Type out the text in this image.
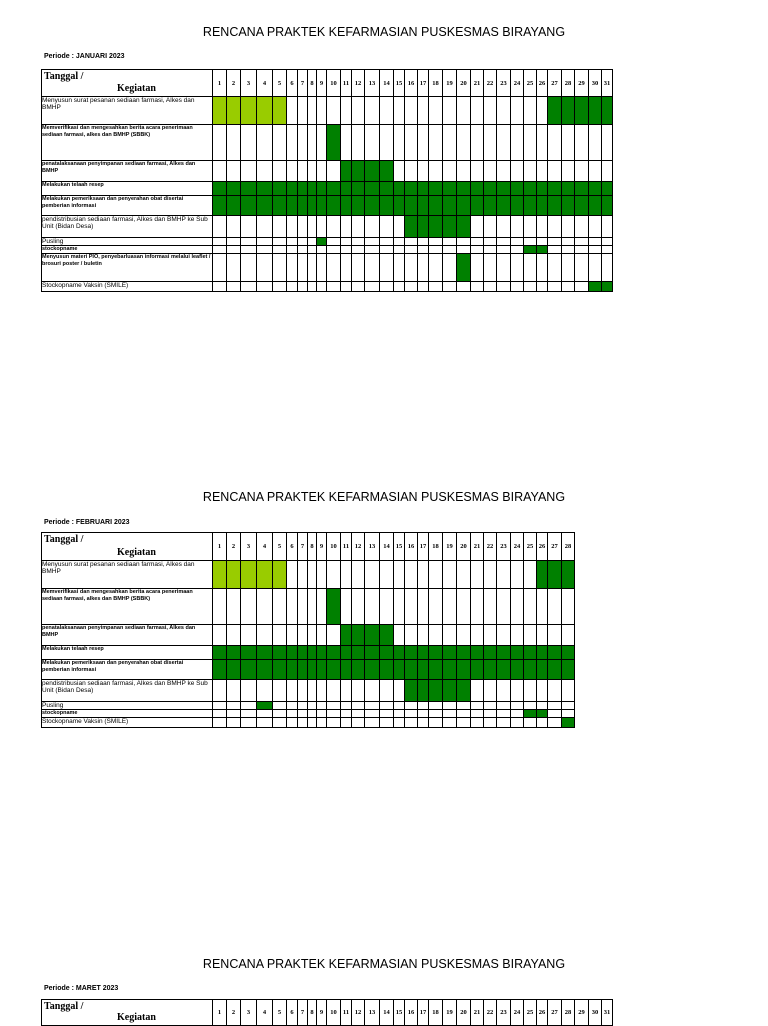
RENCANA PRAKTEK KEFARMASIAN PUSKESMAS BIRAYANG
Periode : JANUARI 2023
Tanggal /
Kegiatan	1	2	3	4	5	6	7	8	9	10	11	12	13	14	15	16	17	18	19	20	21	22	23	24	25	26	27	28	29	30	31
Menyusun surat pesanan sediaan farmasi, Alkes dan BMHP																															
Memverifikasi dan mengesahkan berita acara penerimaan sediaan farmasi, alkes dan BMHP (SBBK)																															
penatalaksanaan penyimpanan sediaan farmasi, Alkes dan BMHP																															
Melakukan telaah resep																															
Melakukan pemeriksaan dan penyerahan obat disertai pemberian informasi																															
pendistribusian sediaan farmasi, Alkes dan BMHP ke Sub Unit (Bidan Desa)																															
Pusling																															
stockopname																															
Menyusun materi PIO, penyebarluasan informasi melalui leaflet / brosuri poster / buletin																															
Stockopname Vaksin (SMILE)																															
RENCANA PRAKTEK KEFARMASIAN PUSKESMAS BIRAYANG
Periode : FEBRUARI 2023
Tanggal /
Kegiatan	1	2	3	4	5	6	7	8	9	10	11	12	13	14	15	16	17	18	19	20	21	22	23	24	25	26	27	28
Menyusun surat pesanan sediaan farmasi, Alkes dan BMHP																												
Memverifikasi dan mengesahkan berita acara penerimaan sediaan farmasi, alkes dan BMHP (SBBK)																												
penatalaksanaan penyimpanan sediaan farmasi, Alkes dan BMHP																												
Melakukan telaah resep																												
Melakukan pemeriksaan dan penyerahan obat disertai pemberian informasi																												
pendistribusian sediaan farmasi, Alkes dan BMHP ke Sub Unit (Bidan Desa)																												
Pusling																												
stockopname																												
Stockopname Vaksin (SMILE)																												
RENCANA PRAKTEK KEFARMASIAN PUSKESMAS BIRAYANG
Periode : MARET 2023
Tanggal /
Kegiatan	1	2	3	4	5	6	7	8	9	10	11	12	13	14	15	16	17	18	19	20	21	22	23	24	25	26	27	28	29	30	31
